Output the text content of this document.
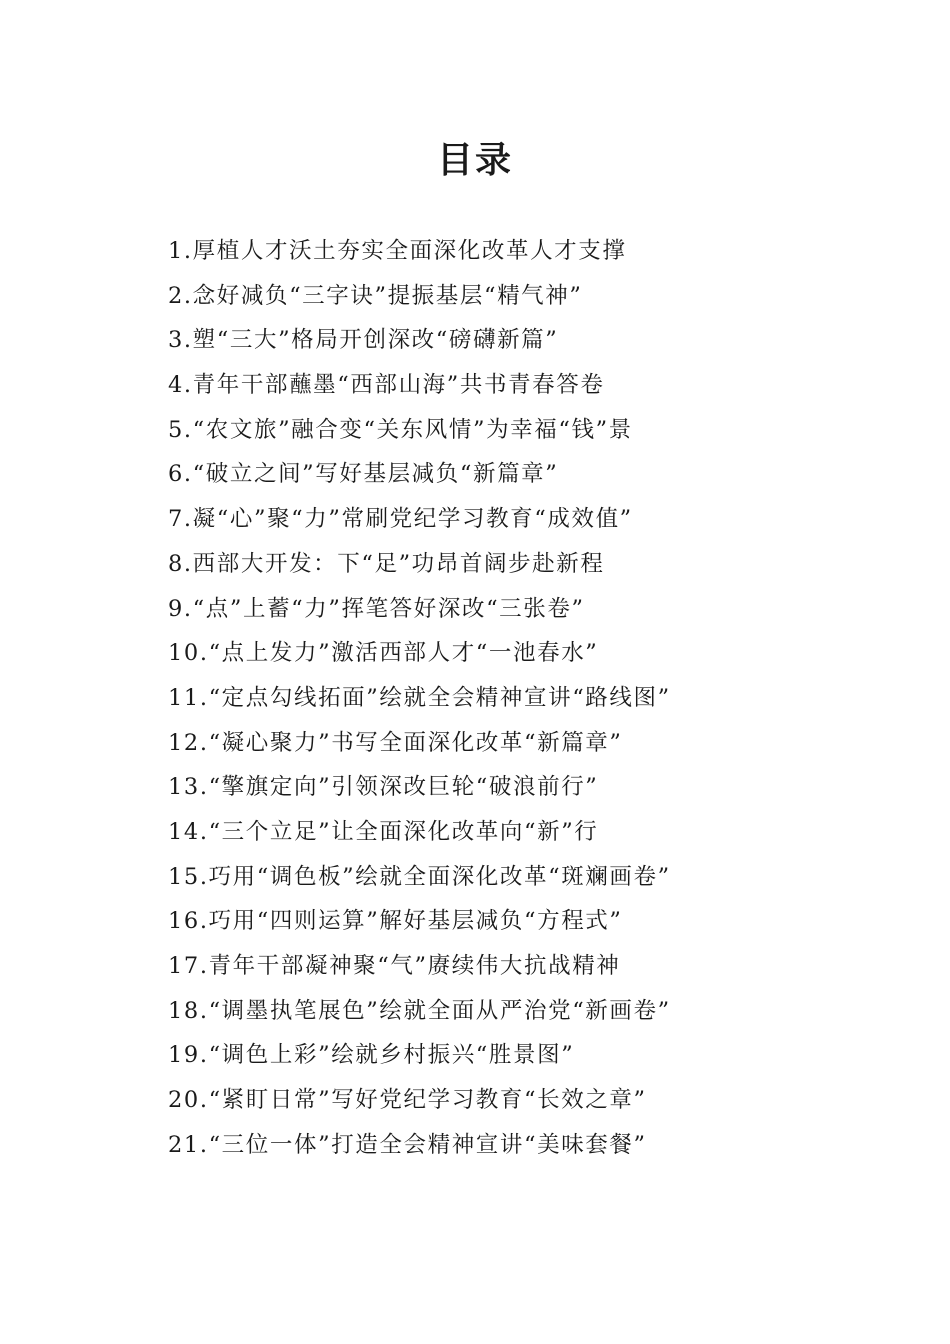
目录
1.厚植人才沃土夯实全面深化改革人才支撑
2.念好减负“三字诀”提振基层“精气神”
3.塑“三大”格局开创深改“磅礴新篇”
4.青年干部蘸墨“西部山海”共书青春答卷
5.“农文旅”融合变“关东风情”为幸福“钱”景
6.“破立之间”写好基层减负“新篇章”
7.凝“心”聚“力”常刷党纪学习教育“成效值”
8.西部大开发：下“足”功昂首阔步赴新程
9.“点”上蓄“力”挥笔答好深改“三张卷”
10.“点上发力”激活西部人才“一池春水”
11.“定点勾线拓面”绘就全会精神宣讲“路线图”
12.“凝心聚力”书写全面深化改革“新篇章”
13.“擎旗定向”引领深改巨轮“破浪前行”
14.“三个立足”让全面深化改革向“新”行
15.巧用“调色板”绘就全面深化改革“斑斓画卷”
16.巧用“四则运算”解好基层减负“方程式”
17.青年干部凝神聚“气”赓续伟大抗战精神
18.“调墨执笔展色”绘就全面从严治党“新画卷”
19.“调色上彩”绘就乡村振兴“胜景图”
20.“紧盯日常”写好党纪学习教育“长效之章”
21.“三位一体”打造全会精神宣讲“美味套餐”
